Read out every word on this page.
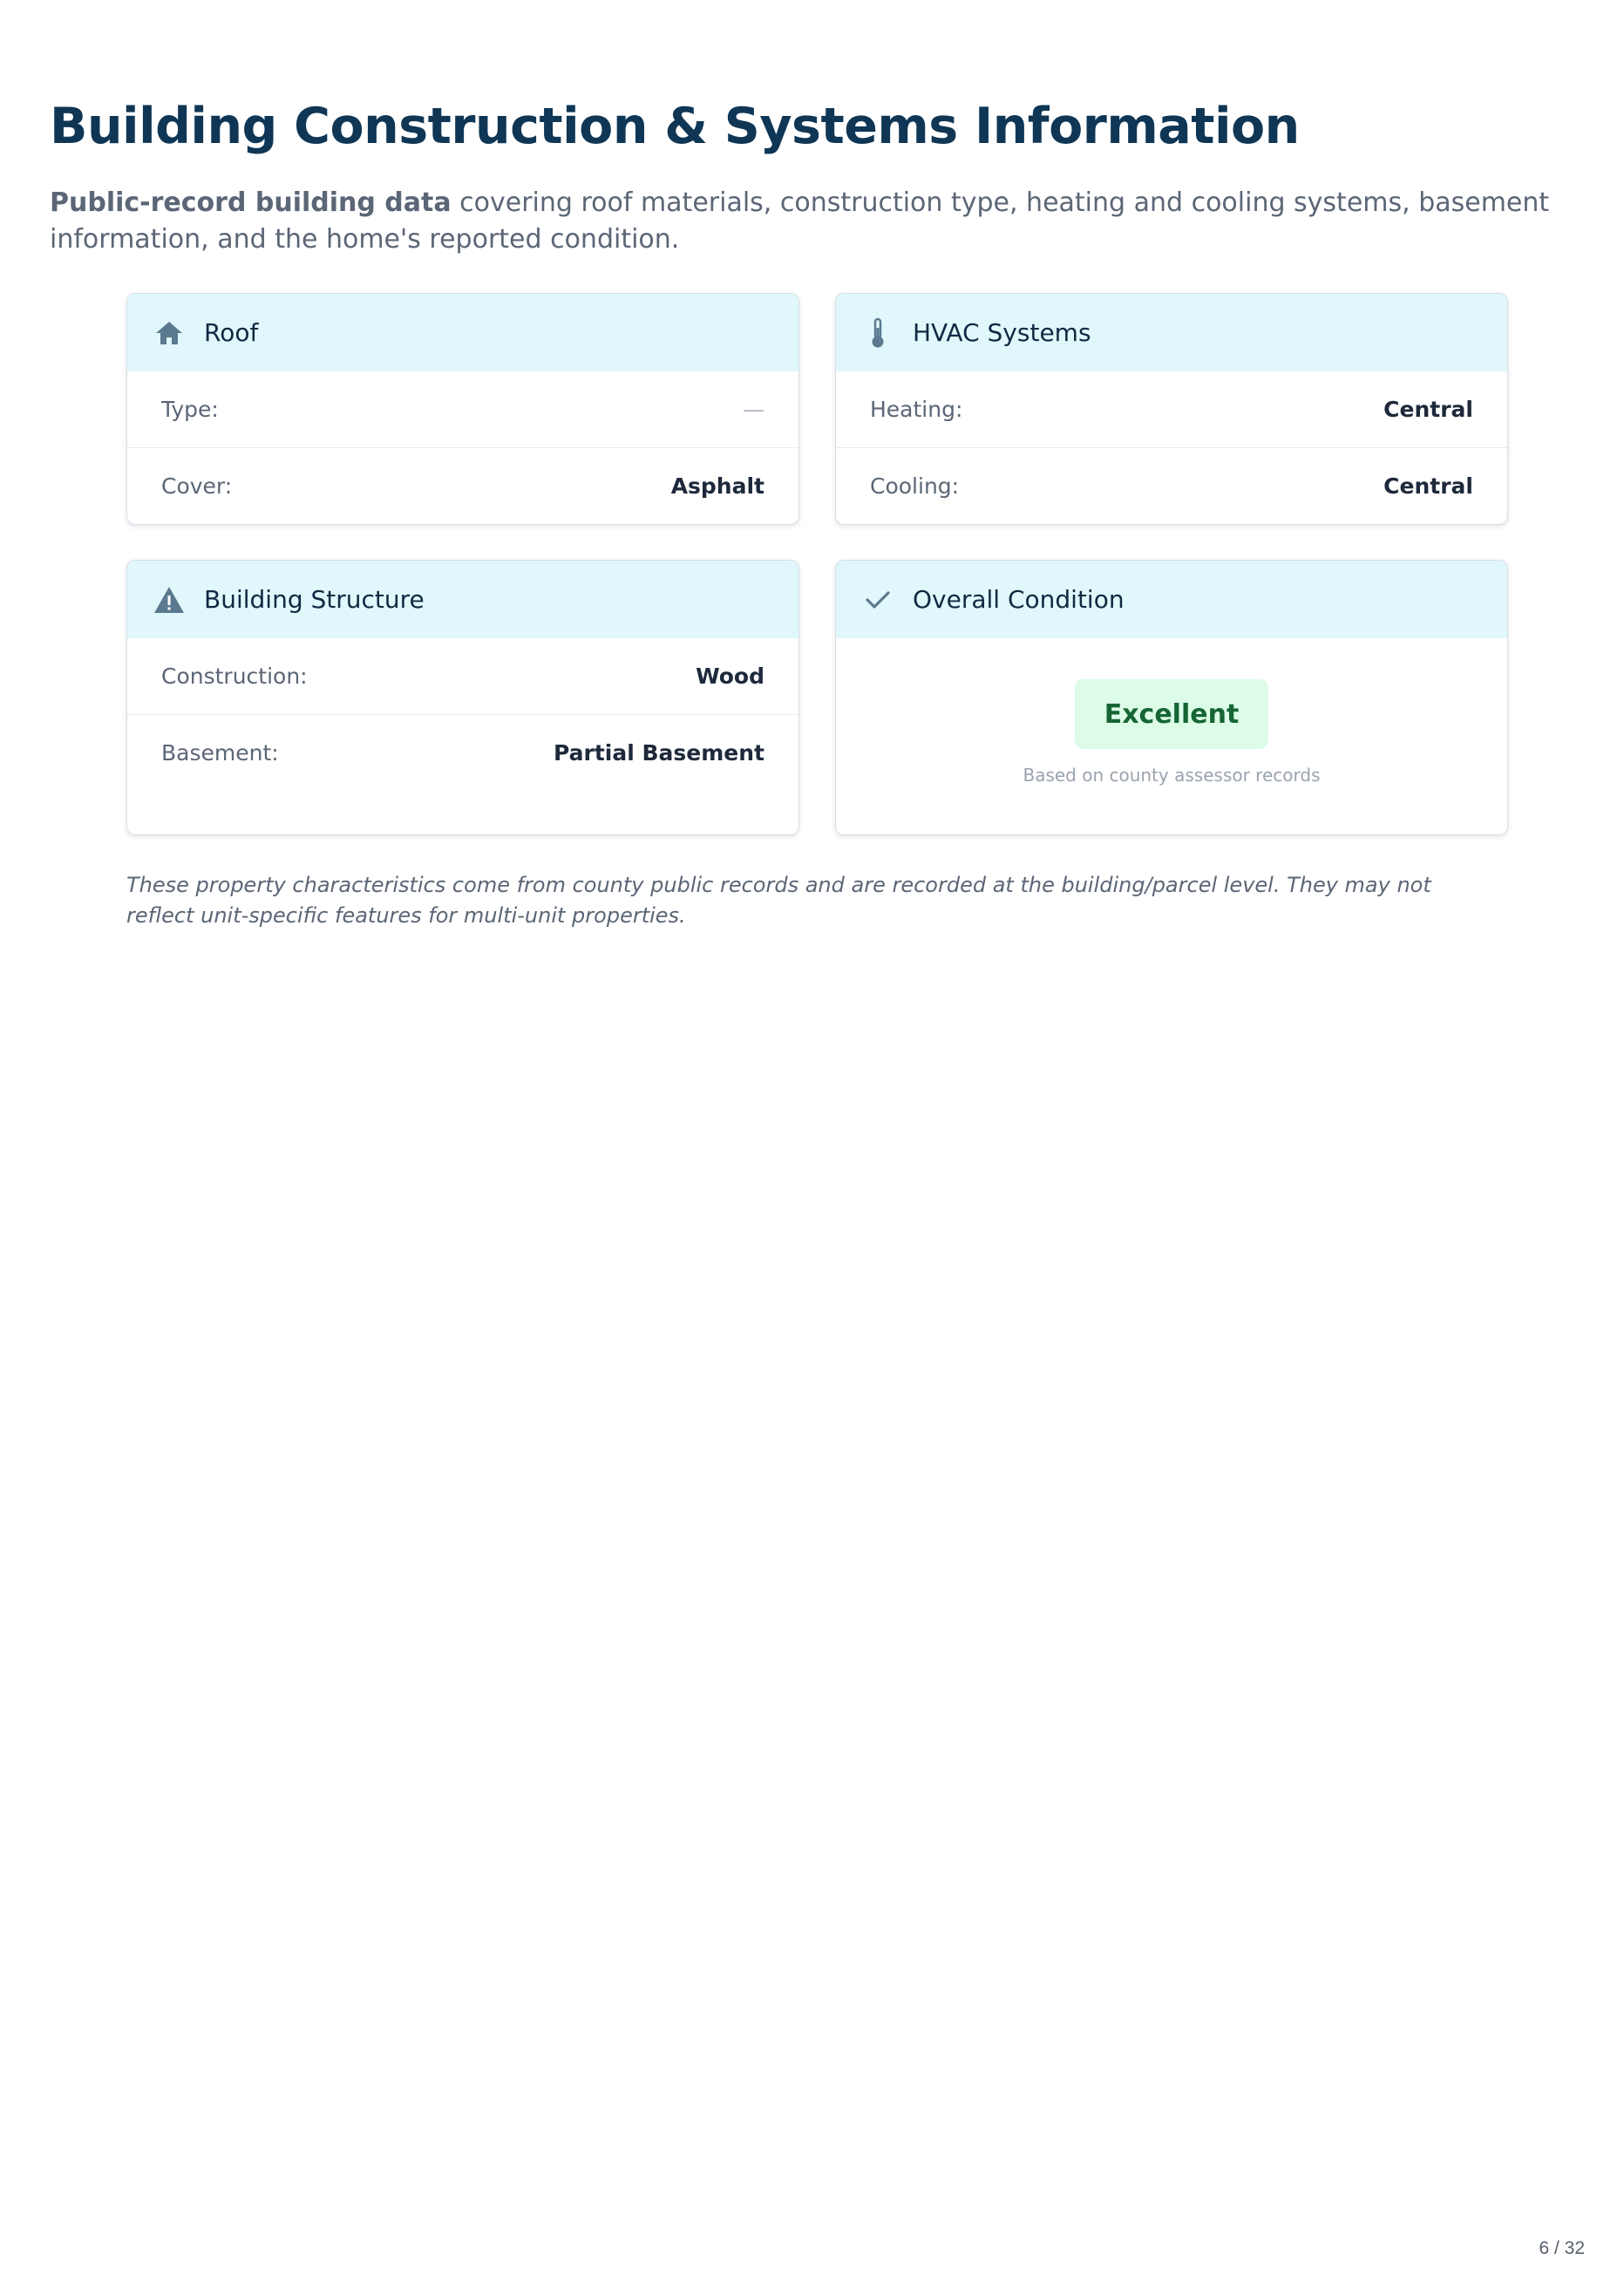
Building Construction & Systems Information

Public-record building data covering roof materials, construction type, heating and cooling systems, basement information, and the home's reported condition.

Roof
Type:	—
Cover:	Asphalt
HVAC Systems
Heating:	Central
Cooling:	Central
Building Structure
Construction:	Wood
Basement:	Partial Basement
Overall Condition
Excellent
Based on county assessor records

These property characteristics come from county public records and are recorded at the building/parcel level. They may not reflect unit-specific features for multi-unit properties.

6 / 32
